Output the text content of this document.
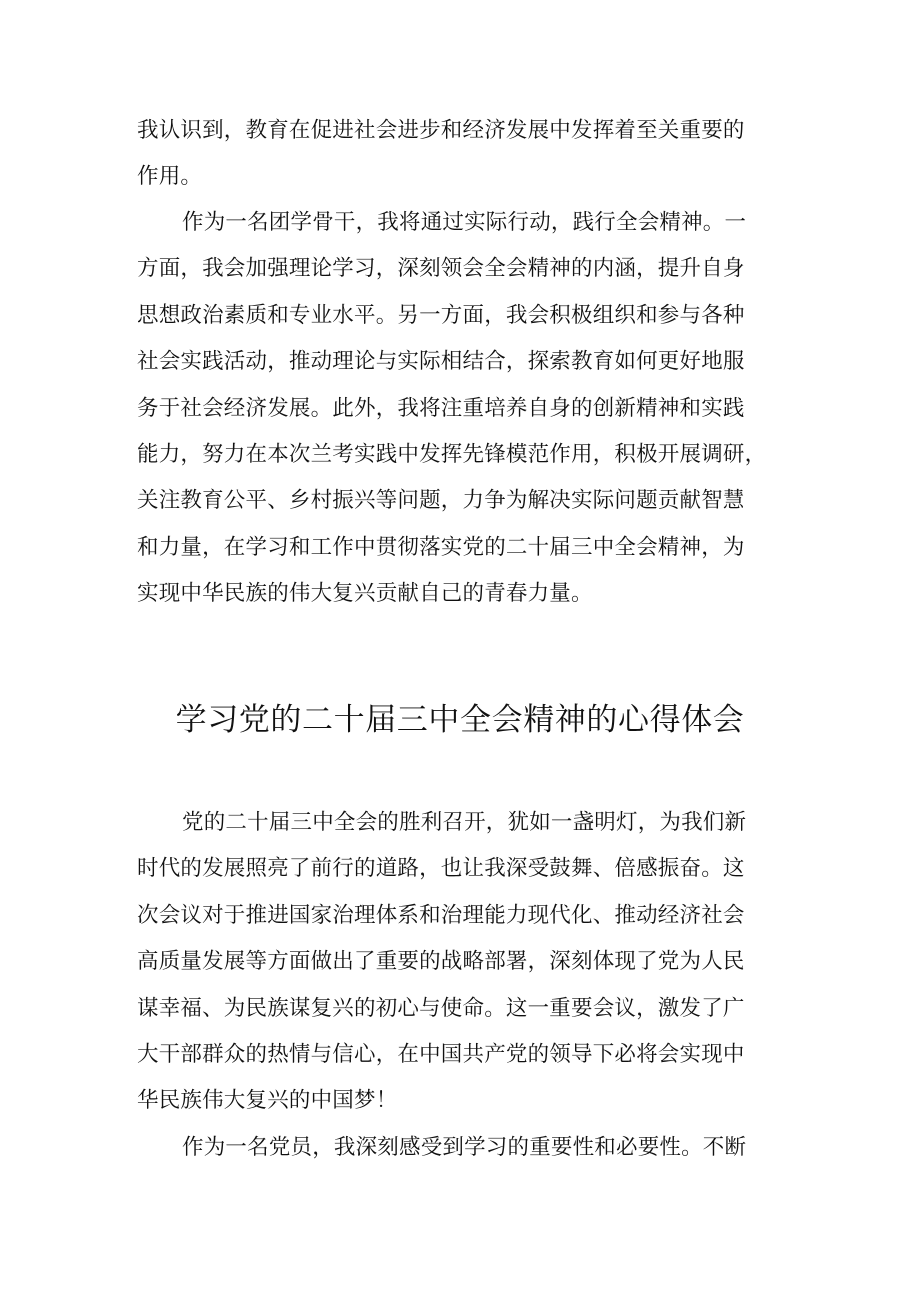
我认识到，教育在促进社会进步和经济发展中发挥着至关重要的
作用。
作为一名团学骨干，我将通过实际行动，践行全会精神。一
方面，我会加强理论学习，深刻领会全会精神的内涵，提升自身
思想政治素质和专业水平。另一方面，我会积极组织和参与各种
社会实践活动，推动理论与实际相结合，探索教育如何更好地服
务于社会经济发展。此外，我将注重培养自身的创新精神和实践
能力，努力在本次兰考实践中发挥先锋模范作用，积极开展调研，
关注教育公平、乡村振兴等问题，力争为解决实际问题贡献智慧
和力量，在学习和工作中贯彻落实党的二十届三中全会精神，为
实现中华民族的伟大复兴贡献自己的青春力量。
学习党的二十届三中全会精神的心得体会
党的二十届三中全会的胜利召开，犹如一盏明灯，为我们新
时代的发展照亮了前行的道路，也让我深受鼓舞、倍感振奋。这
次会议对于推进国家治理体系和治理能力现代化、推动经济社会
高质量发展等方面做出了重要的战略部署，深刻体现了党为人民
谋幸福、为民族谋复兴的初心与使命。这一重要会议，激发了广
大干部群众的热情与信心，在中国共产党的领导下必将会实现中
华民族伟大复兴的中国梦！
作为一名党员，我深刻感受到学习的重要性和必要性。不断
